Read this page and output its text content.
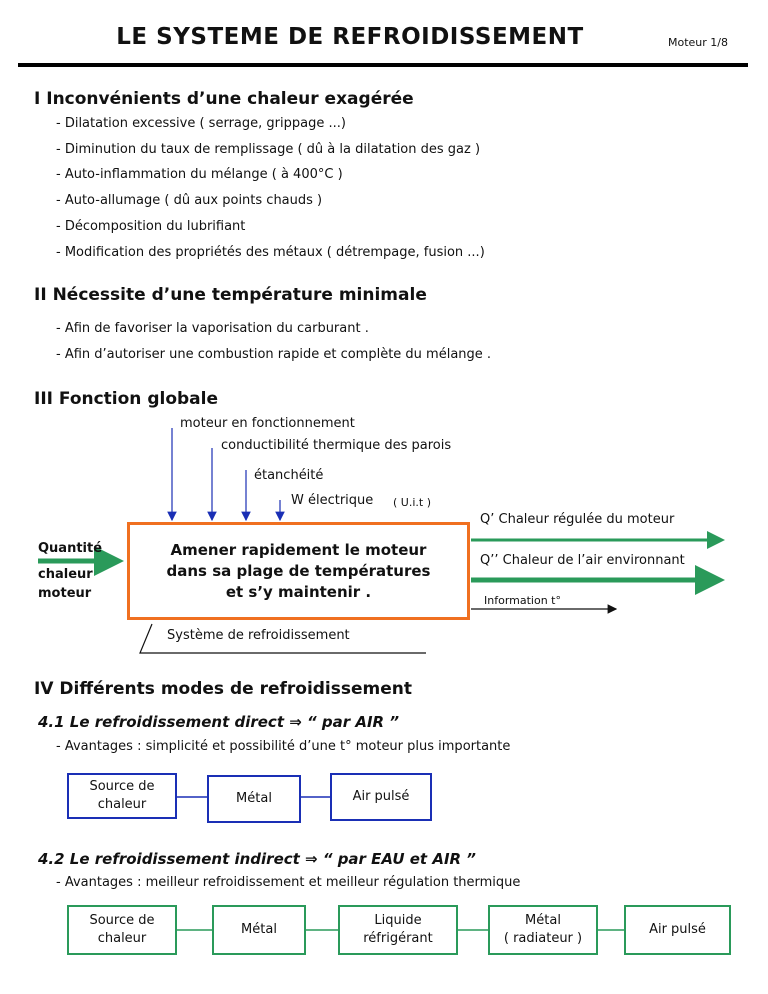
LE SYSTEME DE REFROIDISSEMENT	Moteur 1/8
I Inconvénients d’une chaleur exagérée
- Dilatation excessive ( serrage, grippage ...)
- Diminution du taux de remplissage ( dû à la dilatation des gaz )
- Auto-inflammation du mélange ( à 400°C )
- Auto-allumage ( dû aux points chauds )
- Décomposition du lubrifiant
- Modification des propriétés des métaux ( détrempage, fusion ...)
II Nécessite d’une température minimale
- Afin de favoriser la vaporisation du carburant .
- Afin d’autoriser une combustion rapide et complète du mélange .
III Fonction globale
moteur en fonctionnement
conductibilité thermique des parois
étanchéité
W électrique ( U.i.t )
Quantité
chaleur
moteur
Amener rapidement le moteur
dans sa plage de températures
et s’y maintenir .
Q’ Chaleur régulée du moteur
Q’’ Chaleur de l’air environnant
Information t°
Système de refroidissement
IV Différents modes de refroidissement
4.1 Le refroidissement direct ⇒ “ par AIR ”
- Avantages : simplicité et possibilité d’une t° moteur plus importante
Source de
chaleur	Métal	Air pulsé
4.2 Le refroidissement indirect ⇒ “ par EAU et AIR ”
- Avantages : meilleur refroidissement et meilleur régulation thermique
Source de
chaleur
Métal
Liquide
réfrigérant
Métal
( radiateur )
Air pulsé
